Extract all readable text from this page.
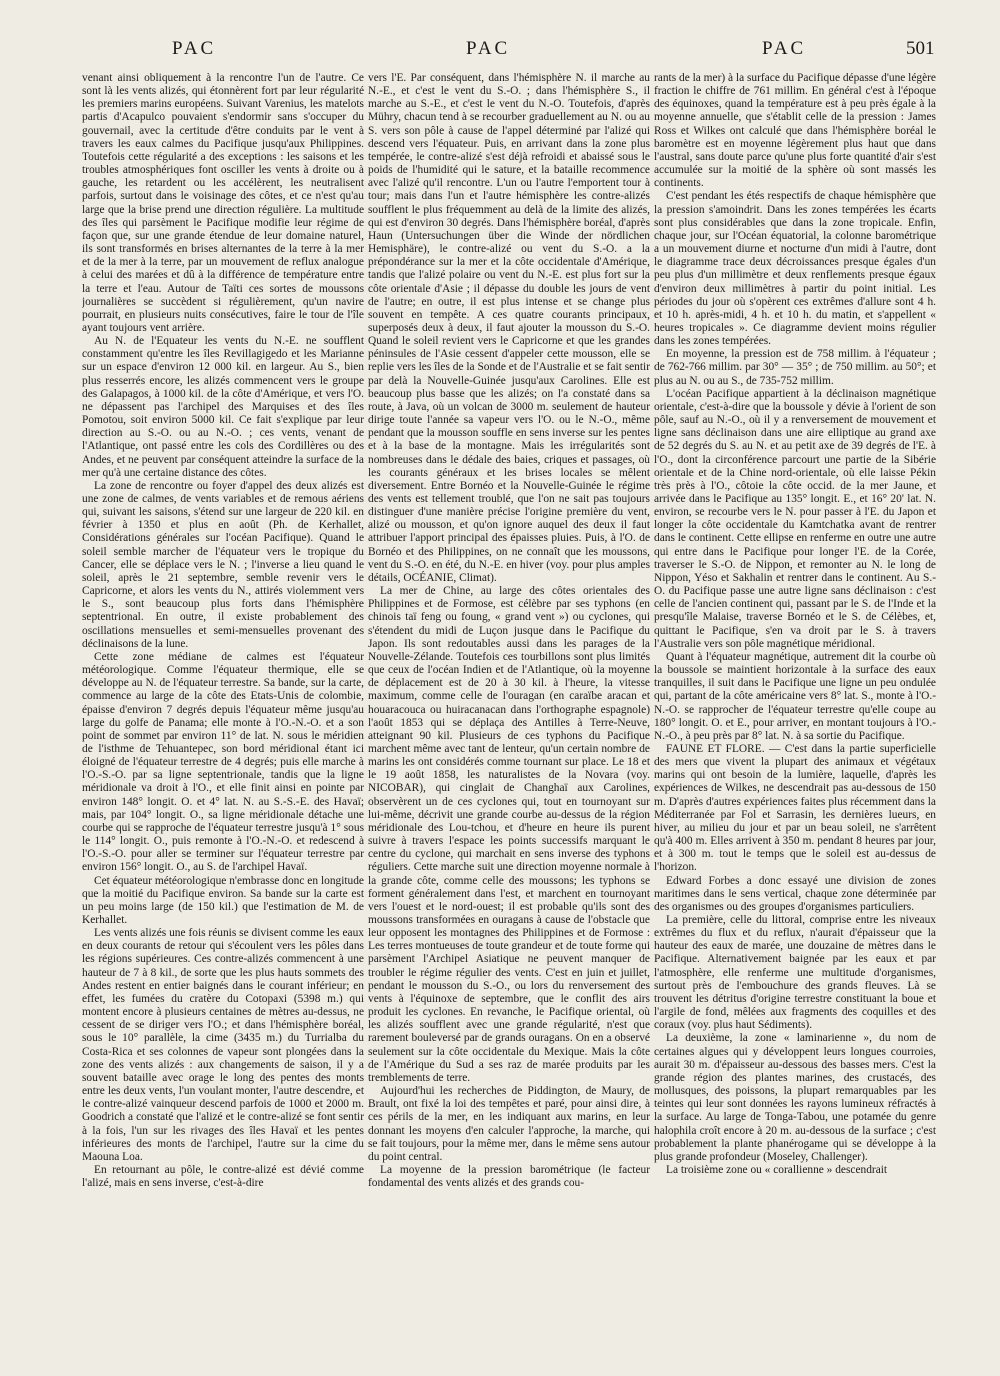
PAC	PAC	PAC	501

venant ainsi obliquement à la rencontre l'un de l'autre. Ce sont là les vents alizés, qui étonnèrent fort par leur régularité les premiers marins européens. Suivant Varenius, les matelots partis d'Acapulco pouvaient s'endormir sans s'occuper du gouvernail, avec la certitude d'être conduits par le vent à travers les eaux calmes du Pacifique jusqu'aux Philippines. Toutefois cette régularité a des exceptions : les saisons et les troubles atmosphériques font osciller les vents à droite ou à gauche, les retardent ou les accélèrent, les neutralisent parfois, surtout dans le voisinage des côtes, et ce n'est qu'au large que la brise prend une direction régulière. La multitude des îles qui parsèment le Pacifique modifie leur régime de façon que, sur une grande étendue de leur domaine naturel, ils sont transformés en brises alternantes de la terre à la mer et de la mer à la terre, par un mouvement de reflux analogue à celui des marées et dû à la différence de température entre la terre et l'eau. Autour de Taïti ces sortes de moussons journalières se succèdent si régulièrement, qu'un navire pourrait, en plusieurs nuits consécutives, faire le tour de l'île ayant toujours vent arrière.

Au N. de l'Equateur les vents du N.-E. ne soufflent constamment qu'entre les îles Revillagigedo et les Marianne sur un espace d'environ 12 000 kil. en largeur. Au S., bien plus resserrés encore, les alizés commencent vers le groupe des Galapagos, à 1000 kil. de la côte d'Amérique, et vers l'O. ne dépassent pas l'archipel des Marquises et des îles Pomotou, soit environ 5000 kil. Ce fait s'explique par leur direction au S.-O. ou au N.-O. ; ces vents, venant de l'Atlantique, ont passé entre les cols des Cordillères ou des Andes, et ne peuvent par conséquent atteindre la surface de la mer qu'à une certaine distance des côtes.

La zone de rencontre ou foyer d'appel des deux alizés est une zone de calmes, de vents variables et de remous aériens qui, suivant les saisons, s'étend sur une largeur de 220 kil. en février à 1350 et plus en août (Ph. de Kerhallet, Considérations générales sur l'océan Pacifique). Quand le soleil semble marcher de l'équateur vers le tropique du Cancer, elle se déplace vers le N. ; l'inverse a lieu quand le soleil, après le 21 septembre, semble revenir vers le Capricorne, et alors les vents du N., attirés violemment vers le S., sont beaucoup plus forts dans l'hémisphère septentrional. En outre, il existe probablement des oscillations mensuelles et semi-mensuelles provenant des déclinaisons de la lune.

Cette zone médiane de calmes est l'équateur météorologique. Comme l'équateur thermique, elle se développe au N. de l'équateur terrestre. Sa bande, sur la carte, commence au large de la côte des Etats-Unis de colombie, épaisse d'environ 7 degrés depuis l'équateur même jusqu'au large du golfe de Panama; elle monte à l'O.-N.-O. et a son point de sommet par environ 11° de lat. N. sous le méridien de l'isthme de Tehuantepec, son bord méridional étant ici éloigné de l'équateur terrestre de 4 degrés; puis elle marche à l'O.-S.-O. par sa ligne septentrionale, tandis que la ligne méridionale va droit à l'O., et elle finit ainsi en pointe par environ 148° longit. O. et 4° lat. N. au S.-S.-E. des Havaï; mais, par 104° longit. O., sa ligne méridionale détache une courbe qui se rapproche de l'équateur terrestre jusqu'à 1° sous le 114° longit. O., puis remonte à l'O.-N.-O. et redescend à l'O.-S.-O. pour aller se terminer sur l'équateur terrestre par environ 156° longit. O., au S. de l'archipel Havaï.

Cet équateur météorologique n'embrasse donc en longitude que la moitié du Pacifique environ. Sa bande sur la carte est un peu moins large (de 150 kil.) que l'estimation de M. de Kerhallet.

Les vents alizés une fois réunis se divisent comme les eaux en deux courants de retour qui s'écoulent vers les pôles dans les régions supérieures. Ces contre-alizés commencent à une hauteur de 7 à 8 kil., de sorte que les plus hauts sommets des Andes restent en entier baignés dans le courant inférieur; en effet, les fumées du cratère du Cotopaxi (5398 m.) qui montent encore à plusieurs centaines de mètres au-dessus, ne cessent de se diriger vers l'O.; et dans l'hémisphère boréal, sous le 10° parallèle, la cime (3435 m.) du Turrialba du Costa-Rica et ses colonnes de vapeur sont plongées dans la zone des vents alizés : aux changements de saison, il y a souvent bataille avec orage le long des pentes des monts entre les deux vents, l'un voulant monter, l'autre descendre, et le contre-alizé vainqueur descend parfois de 1000 et 2000 m. Goodrich a constaté que l'alizé et le contre-alizé se font sentir à la fois, l'un sur les rivages des îles Havaï et les pentes inférieures des monts de l'archipel, l'autre sur la cime du Maouna Loa.

En retournant au pôle, le contre-alizé est dévié comme l'alizé, mais en sens inverse, c'est-à-dire

vers l'E. Par conséquent, dans l'hémisphère N. il marche au N.-E., et c'est le vent du S.-O. ; dans l'hémisphère S., il marche au S.-E., et c'est le vent du N.-O. Toutefois, d'après Mühry, chacun tend à se recourber graduellement au N. ou au S. vers son pôle à cause de l'appel déterminé par l'alizé qui descend vers l'équateur. Puis, en arrivant dans la zone plus tempérée, le contre-alizé s'est déjà refroidi et abaissé sous le poids de l'humidité qui le sature, et la bataille recommence avec l'alizé qu'il rencontre. L'un ou l'autre l'emportent tour à tour; mais dans l'un et l'autre hémisphère les contre-alizés soufflent le plus fréquemment au delà de la limite des alizés, qui est d'environ 30 degrés. Dans l'hémisphère boréal, d'après Haun (Untersuchungen über die Winde der nördlichen Hemisphäre), le contre-alizé ou vent du S.-O. a la prépondérance sur la mer et la côte occidentale d'Amérique, tandis que l'alizé polaire ou vent du N.-E. est plus fort sur la côte orientale d'Asie ; il dépasse du double les jours de vent de l'autre; en outre, il est plus intense et se change plus souvent en tempête. A ces quatre courants principaux, superposés deux à deux, il faut ajouter la mousson du S.-O. Quand le soleil revient vers le Capricorne et que les grandes péninsules de l'Asie cessent d'appeler cette mousson, elle se replie vers les îles de la Sonde et de l'Australie et se fait sentir par delà la Nouvelle-Guinée jusqu'aux Carolines. Elle est beaucoup plus basse que les alizés; on l'a constaté dans sa route, à Java, où un volcan de 3000 m. seulement de hauteur dirige toute l'année sa vapeur vers l'O. ou le N.-O., même pendant que la mousson souffle en sens inverse sur les pentes et à la base de la montagne. Mais les irrégularités sont nombreuses dans le dédale des baies, criques et passages, où les courants généraux et les brises locales se mêlent diversement. Entre Bornéo et la Nouvelle-Guinée le régime des vents est tellement troublé, que l'on ne sait pas toujours distinguer d'une manière précise l'origine première du vent, alizé ou mousson, et qu'on ignore auquel des deux il faut attribuer l'apport principal des épaisses pluies. Puis, à l'O. de Bornéo et des Philippines, on ne connaît que les moussons, vent du S.-O. en été, du N.-E. en hiver (voy. pour plus amples détails, OCÉANIE, Climat).

La mer de Chine, au large des côtes orientales des Philippines et de Formose, est célèbre par ses typhons (en chinois taï feng ou foung, « grand vent ») ou cyclones, qui s'étendent du midi de Luçon jusque dans le Pacifique du Japon. Ils sont redoutables aussi dans les parages de la Nouvelle-Zélande. Toutefois ces tourbillons sont plus limités que ceux de l'océan Indien et de l'Atlantique, où la moyenne de déplacement est de 20 à 30 kil. à l'heure, la vitesse maximum, comme celle de l'ouragan (en caraïbe aracan et houaracouca ou huiracanacan dans l'orthographe espagnole) l'août 1853 qui se déplaça des Antilles à Terre-Neuve, atteignant 90 kil. Plusieurs de ces typhons du Pacifique marchent même avec tant de lenteur, qu'un certain nombre de marins les ont considérés comme tournant sur place. Le 18 et le 19 août 1858, les naturalistes de la Novara (voy. NICOBAR), qui cinglait de Changhaï aux Carolines, observèrent un de ces cyclones qui, tout en tournoyant sur lui-même, décrivit une grande courbe au-dessus de la région méridionale des Lou-tchou, et d'heure en heure ils purent suivre à travers l'espace les points successifs marquant le centre du cyclone, qui marchait en sens inverse des typhons réguliers. Cette marche suit une direction moyenne normale à la grande côte, comme celle des moussons; les typhons se forment généralement dans l'est, et marchent en tournoyant vers l'ouest et le nord-ouest; il est probable qu'ils sont des moussons transformées en ouragans à cause de l'obstacle que leur opposent les montagnes des Philippines et de Formose : Les terres montueuses de toute grandeur et de toute forme qui parsèment l'Archipel Asiatique ne peuvent manquer de troubler le régime régulier des vents. C'est en juin et juillet, pendant le mousson du S.-O., ou lors du renversement des vents à l'équinoxe de septembre, que le conflit des airs produit les cyclones. En revanche, le Pacifique oriental, où les alizés soufflent avec une grande régularité, n'est que rarement bouleversé par de grands ouragans. On en a observé seulement sur la côte occidentale du Mexique. Mais la côte de l'Amérique du Sud a ses raz de marée produits par les tremblements de terre.

Aujourd'hui les recherches de Piddington, de Maury, de Brault, ont fixé la loi des tempêtes et paré, pour ainsi dire, à ces périls de la mer, en les indiquant aux marins, en leur donnant les moyens d'en calculer l'approche, la marche, qui se fait toujours, pour la même mer, dans le même sens autour du point central.

La moyenne de la pression barométrique (le facteur fondamental des vents alizés et des grands cou-

rants de la mer) à la surface du Pacifique dépasse d'une légère fraction le chiffre de 761 millim. En général c'est à l'époque des équinoxes, quand la température est à peu près égale à la moyenne annuelle, que s'établit celle de la pression : James Ross et Wilkes ont calculé que dans l'hémisphère boréal le baromètre est en moyenne légèrement plus haut que dans l'austral, sans doute parce qu'une plus forte quantité d'air s'est accumulée sur la moitié de la sphère où sont massés les continents.

C'est pendant les étés respectifs de chaque hémisphère que la pression s'amoindrit. Dans les zones tempérées les écarts sont plus considérables que dans la zone tropicale. Enfin, chaque jour, sur l'Océan équatorial, la colonne barométrique a un mouvement diurne et nocturne d'un midi à l'autre, dont le diagramme trace deux décroissances presque égales d'un peu plus d'un millimètre et deux renflements presque égaux d'environ deux millimètres à partir du point initial. Les périodes du jour où s'opèrent ces extrêmes d'allure sont 4 h. et 10 h. après-midi, 4 h. et 10 h. du matin, et s'appellent « heures tropicales ». Ce diagramme devient moins régulier dans les zones tempérées.

En moyenne, la pression est de 758 millim. à l'équateur ; de 762-766 millim. par 30° — 35° ; de 750 millim. au 50°; et plus au N. ou au S., de 735-752 millim.

L'océan Pacifique appartient à la déclinaison magnétique orientale, c'est-à-dire que la boussole y dévie à l'orient de son pôle, sauf au N.-O., où il y a renversement de mouvement et ligne sans déclinaison dans une aire elliptique au grand axe de 52 degrés du S. au N. et au petit axe de 39 degrés de l'E. à l'O., dont la circonférence parcourt une partie de la Sibérie orientale et de la Chine nord-orientale, où elle laisse Pékin très près à l'O., côtoie la côte occid. de la mer Jaune, et arrivée dans le Pacifique au 135° longit. E., et 16° 20' lat. N. environ, se recourbe vers le N. pour passer à l'E. du Japon et longer la côte occidentale du Kamtchatka avant de rentrer dans le continent. Cette ellipse en renferme en outre une autre qui entre dans le Pacifique pour longer l'E. de la Corée, traverser le S.-O. de Nippon, et remonter au N. le long de Nippon, Yéso et Sakhalin et rentrer dans le continent. Au S.-O. du Pacifique passe une autre ligne sans déclinaison : c'est celle de l'ancien continent qui, passant par le S. de l'Inde et la presqu'île Malaise, traverse Bornéo et le S. de Célèbes, et, quittant le Pacifique, s'en va droit par le S. à travers l'Australie vers son pôle magnétique méridional.

Quant à l'équateur magnétique, autrement dit la courbe où la boussole se maintient horizontale à la surface des eaux tranquilles, il suit dans le Pacifique une ligne un peu ondulée qui, partant de la côte américaine vers 8° lat. S., monte à l'O.-N.-O. se rapprocher de l'équateur terrestre qu'elle coupe au 180° longit. O. et E., pour arriver, en montant toujours à l'O.-N.-O., à peu près par 8° lat. N. à sa sortie du Pacifique.

FAUNE ET FLORE. — C'est dans la partie superficielle des mers que vivent la plupart des animaux et végétaux marins qui ont besoin de la lumière, laquelle, d'après les expériences de Wilkes, ne descendrait pas au-dessous de 150 m. D'après d'autres expériences faites plus récemment dans la Méditerranée par Fol et Sarrasin, les dernières lueurs, en hiver, au milieu du jour et par un beau soleil, ne s'arrêtent qu'à 400 m. Elles arrivent à 350 m. pendant 8 heures par jour, et à 300 m. tout le temps que le soleil est au-dessus de l'horizon.

Edward Forbes a donc essayé une division de zones maritimes dans le sens vertical, chaque zone déterminée par des organismes ou des groupes d'organismes particuliers.

La première, celle du littoral, comprise entre les niveaux extrêmes du flux et du reflux, n'aurait d'épaisseur que la hauteur des eaux de marée, une douzaine de mètres dans le Pacifique. Alternativement baignée par les eaux et par l'atmosphère, elle renferme une multitude d'organismes, surtout près de l'embouchure des grands fleuves. Là se trouvent les détritus d'origine terrestre constituant la boue et l'argile de fond, mêlées aux fragments des coquilles et des coraux (voy. plus haut Sédiments).

La deuxième, la zone « laminarienne », du nom de certaines algues qui y développent leurs longues courroies, aurait 30 m. d'épaisseur au-dessous des basses mers. C'est la grande région des plantes marines, des crustacés, des mollusques, des poissons, la plupart remarquables par les teintes qui leur sont données les rayons lumineux réfractés à la surface. Au large de Tonga-Tabou, une potamée du genre halophila croît encore à 20 m. au-dessous de la surface ; c'est probablement la plante phanérogame qui se développe à la plus grande profondeur (Moseley, Challenger).

La troisième zone ou « corallienne » descendrait
